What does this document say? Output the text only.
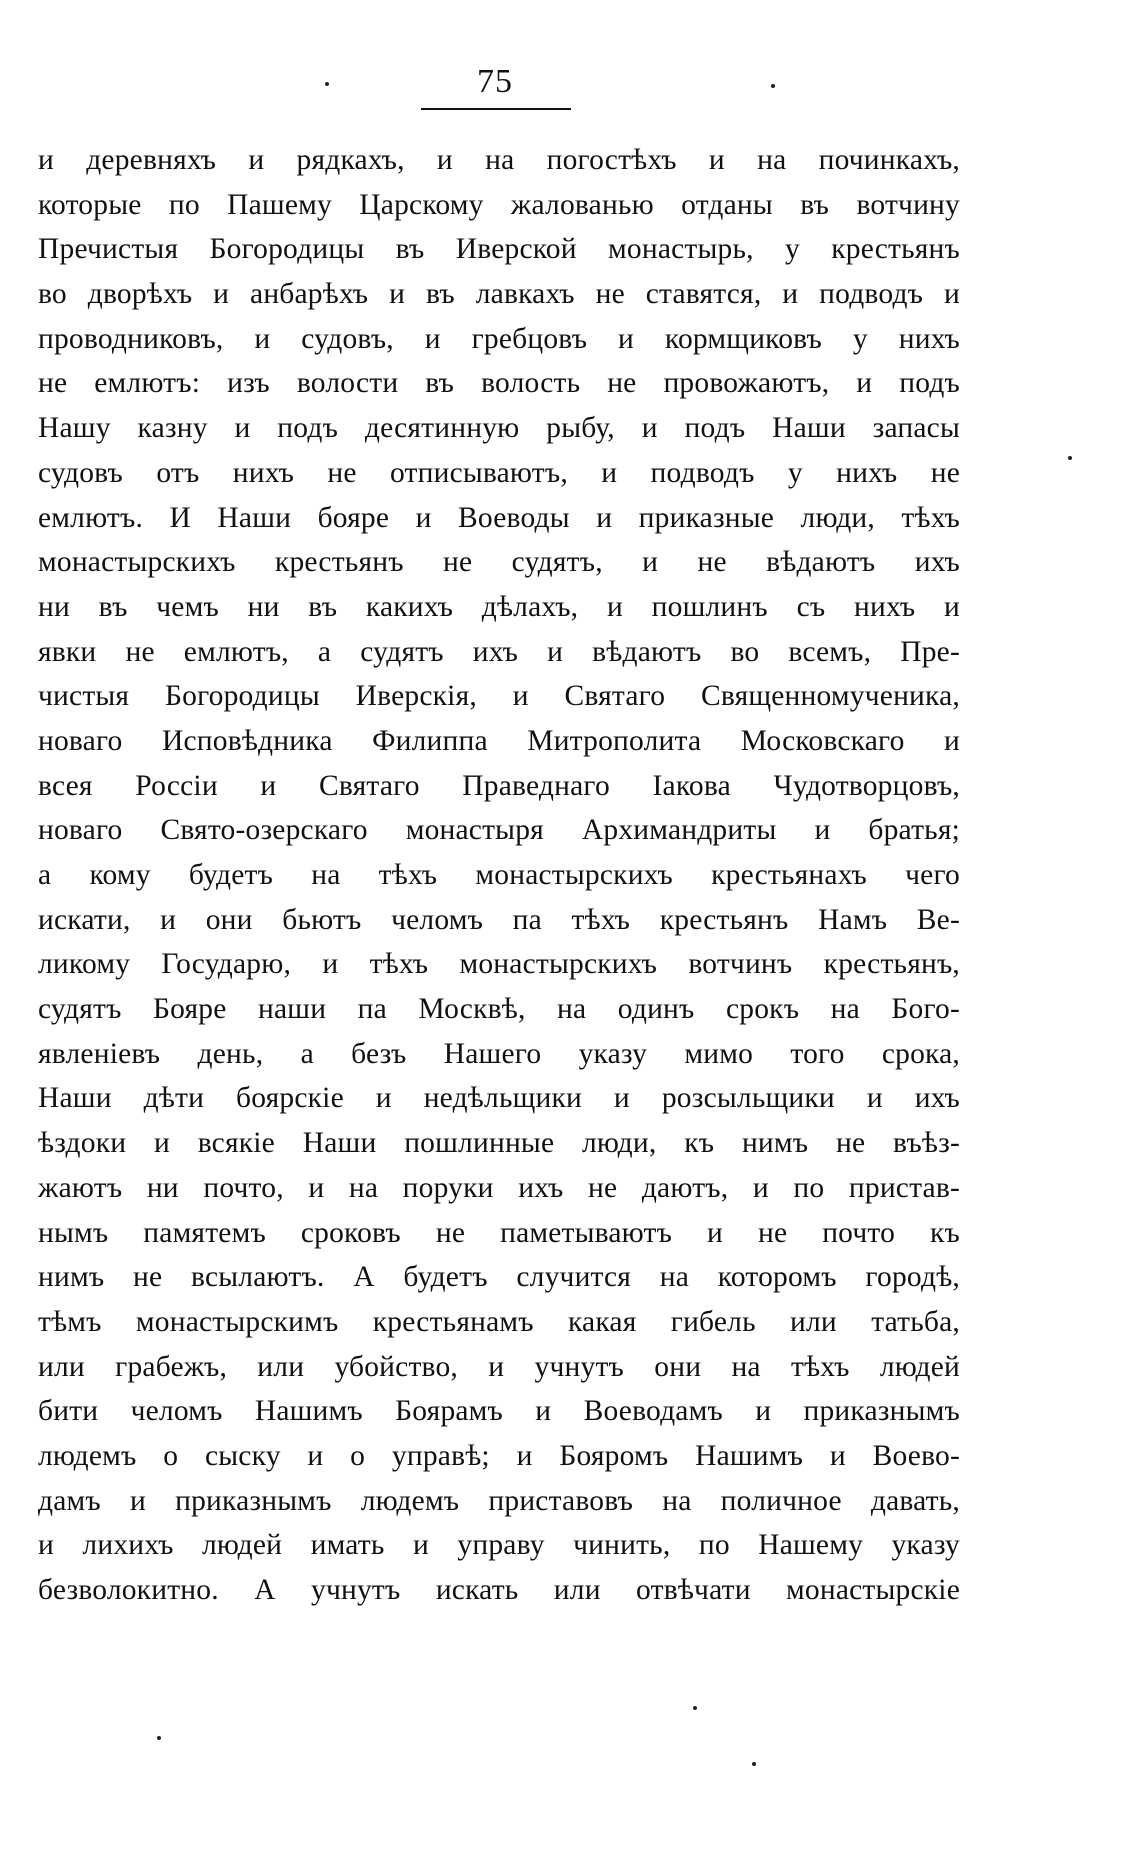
75
и деревняхъ и рядкахъ, и на погостѣхъ и на починкахъ,
которые по Пашему Царскому жалованью отданы въ вотчину
Пречистыя Богородицы въ Иверской монастырь, у крестьянъ
во дворѣхъ и анбарѣхъ и въ лавкахъ не ставятся, и подводъ и
проводниковъ, и судовъ, и гребцовъ и кормщиковъ у нихъ
не емлютъ: изъ волости въ волость не провожаютъ, и подъ
Нашу казну и подъ десятинную рыбу, и подъ Наши запасы
судовъ отъ нихъ не отписываютъ, и подводъ у нихъ не
емлютъ. И Наши бояре и Воеводы и приказные люди, тѣхъ
монастырскихъ крестьянъ не судятъ, и не вѣдаютъ ихъ
ни въ чемъ ни въ какихъ дѣлахъ, и пошлинъ съ нихъ и
явки не емлютъ, а судятъ ихъ и вѣдаютъ во всемъ, Пре-
чистыя Богородицы Иверскія, и Святаго Священномученика,
новаго Исповѣдника Филиппа Митрополита Московскаго и
всея Россіи и Святаго Праведнаго Іакова Чудотворцовъ,
новаго Свято-озерскаго монастыря Архимандриты и братья;
а кому будетъ на тѣхъ монастырскихъ крестьянахъ чего
искати, и они бьютъ челомъ па тѣхъ крестьянъ Намъ Ве-
ликому Государю, и тѣхъ монастырскихъ вотчинъ крестьянъ,
судятъ Бояре наши па Москвѣ, на одинъ срокъ на Бого-
явленіевъ день, а безъ Нашего указу мимо того срока,
Наши дѣти боярскіе и недѣльщики и розсыльщики и ихъ
ѣздоки и всякіе Наши пошлинные люди, къ нимъ не въѣз-
жаютъ ни почто, и на поруки ихъ не даютъ, и по пристав-
нымъ памятемъ сроковъ не паметываютъ и не почто къ
нимъ не всылаютъ. А будетъ случится на которомъ городѣ,
тѣмъ монастырскимъ крестьянамъ какая гибель или татьба,
или грабежъ, или убойство, и учнутъ они на тѣхъ людей
бити челомъ Нашимъ Боярамъ и Воеводамъ и приказнымъ
людемъ о сыску и о управѣ; и Бояромъ Нашимъ и Воево-
дамъ и приказнымъ людемъ приставовъ на поличное давать,
и лихихъ людей имать и управу чинить, по Нашему указу
безволокитно. А учнутъ искать или отвѣчати монастырскіе
